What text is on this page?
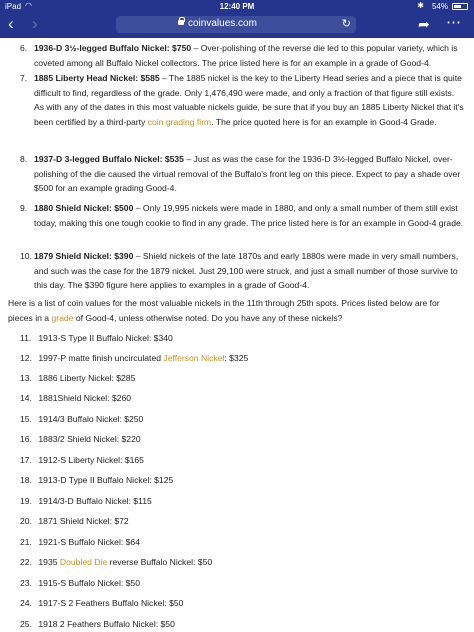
iPad ◠	12:40 PM	✱ 54%
‹ ›	coinvalues.com	↻	➦ ⋯
6. 1936-D 3½-legged Buffalo Nickel: $750 – Over-polishing of the reverse die led to this popular variety, which is coveted among all Buffalo Nickel collectors. The price listed here is for an example in a grade of Good-4.
7. 1885 Liberty Head Nickel: $585 – The 1885 nickel is the key to the Liberty Head series and a piece that is quite difficult to find, regardless of the grade. Only 1,476,490 were made, and only a fraction of that figure still exists. As with any of the dates in this most valuable nickels guide, be sure that if you buy an 1885 Liberty Nickel that it's been certified by a third-party coin grading firm. The price quoted here is for an example in Good-4 Grade.
8. 1937-D 3-legged Buffalo Nickel: $535 – Just as was the case for the 1936-D 3½-legged Buffalo Nickel, over-polishing of the die caused the virtual removal of the Buffalo's front leg on this piece. Expect to pay a shade over $500 for an example grading Good-4.
9. 1880 Shield Nickel: $500 – Only 19,995 nickels were made in 1880, and only a small number of them still exist today, making this one tough cookie to find in any grade. The price listed here is for an example in Good-4 grade.
10. 1879 Shield Nickel: $390 – Shield nickels of the late 1870s and early 1880s were made in very small numbers, and such was the case for the 1879 nickel. Just 29,100 were struck, and just a small number of those survive to this day. The $390 figure here applies to examples in a grade of Good-4.

Here is a list of coin values for the most valuable nickels in the 11th through 25th spots. Prices listed below are for pieces in a grade of Good-4, unless otherwise noted. Do you have any of these nickels?

11. 1913-S Type II Buffalo Nickel: $340
12. 1997-P matte finish uncirculated Jefferson Nickel: $325
13. 1886 Liberty Nickel: $285
14. 1881Shield Nickel: $260
15. 1914/3 Buffalo Nickel: $250
16. 1883/2 Shield Nickel: $220
17. 1912-S Liberty Nickel: $165
18. 1913-D Type II Buffalo Nickel: $125
19. 1914/3-D Buffalo Nickel: $115
20. 1871 Shield Nickel: $72
21. 1921-S Buffalo Nickel: $64
22. 1935 Doubled Die reverse Buffalo Nickel: $50
23. 1915-S Buffalo Nickel: $50
24. 1917-S 2 Feathers Buffalo Nickel: $50
25. 1918 2 Feathers Buffalo Nickel: $50
